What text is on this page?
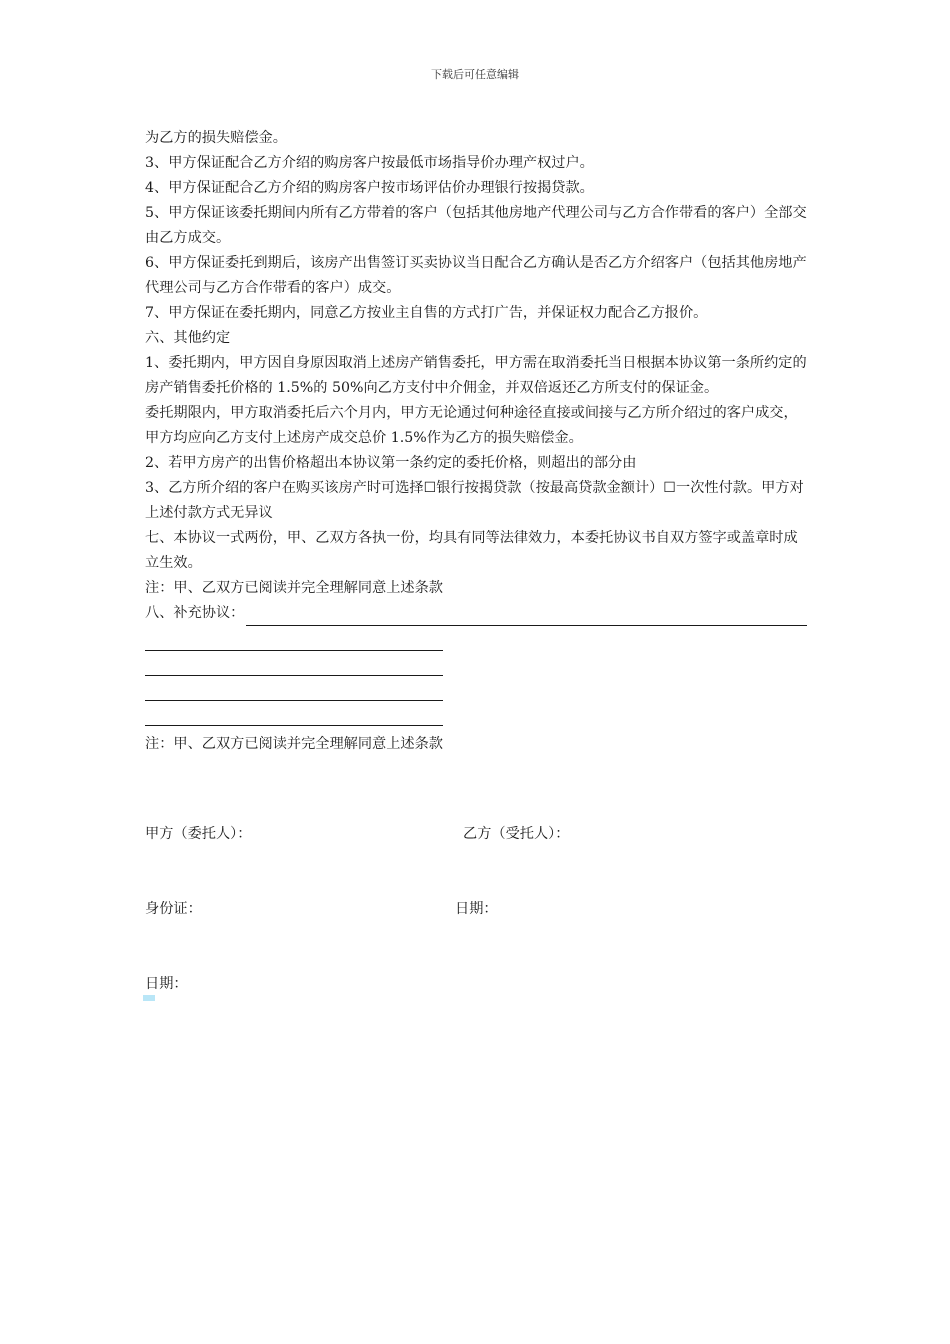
下载后可任意编辑

为乙方的损失赔偿金。

3、甲方保证配合乙方介绍的购房客户按最低市场指导价办理产权过户。

4、甲方保证配合乙方介绍的购房客户按市场评估价办理银行按揭贷款。

5、甲方保证该委托期间内所有乙方带着的客户（包括其他房地产代理公司与乙方合作带看的客户）全部交由乙方成交。

6、甲方保证委托到期后，该房产出售签订买卖协议当日配合乙方确认是否乙方介绍客户（包括其他房地产代理公司与乙方合作带看的客户）成交。

7、甲方保证在委托期内，同意乙方按业主自售的方式打广告，并保证权力配合乙方报价。

六、其他约定

1、委托期内，甲方因自身原因取消上述房产销售委托，甲方需在取消委托当日根据本协议第一条所约定的房产销售委托价格的 1.5%的 50%向乙方支付中介佣金，并双倍返还乙方所支付的保证金。

委托期限内，甲方取消委托后六个月内，甲方无论通过何种途径直接或间接与乙方所介绍过的客户成交，甲方均应向乙方支付上述房产成交总价 1.5%作为乙方的损失赔偿金。

2、若甲方房产的出售价格超出本协议第一条约定的委托价格，则超出的部分由

3、乙方所介绍的客户在购买该房产时可选择☐银行按揭贷款（按最高贷款金额计）☐一次性付款。甲方对上述付款方式无异议

七、本协议一式两份，甲、乙双方各执一份，均具有同等法律效力，本委托协议书自双方签字或盖章时成立生效。

注：甲、乙双方已阅读并完全理解同意上述条款

八、补充协议：

注：甲、乙双方已阅读并完全理解同意上述条款

甲方（委托人）：	乙方（受托人）：
身份证：	日期：
日期：
